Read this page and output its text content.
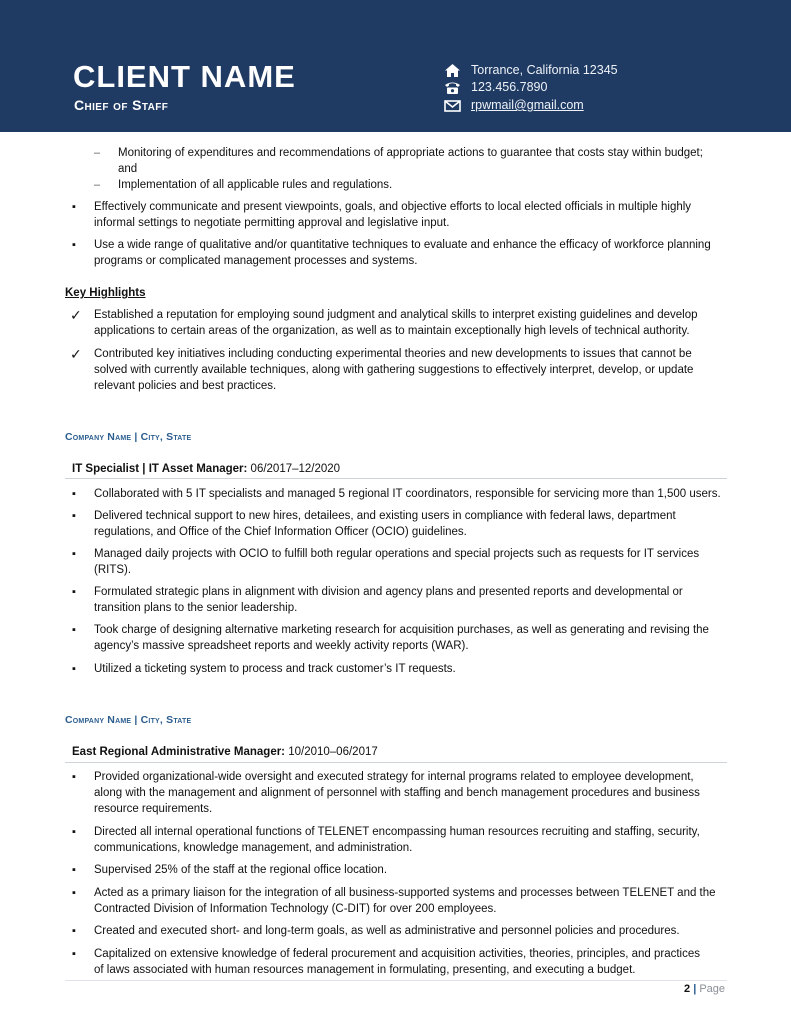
CLIENT NAME
Chief of Staff
Torrance, California 12345
123.456.7890
rpwmail@gmail.com
– Monitoring of expenditures and recommendations of appropriate actions to guarantee that costs stay within budget;
and
– Implementation of all applicable rules and regulations.
▪ Effectively communicate and present viewpoints, goals, and objective efforts to local elected officials in multiple highly
informal settings to negotiate permitting approval and legislative input.
▪ Use a wide range of qualitative and/or quantitative techniques to evaluate and enhance the efficacy of workforce planning
programs or complicated management processes and systems.
Key Highlights
✓ Established a reputation for employing sound judgment and analytical skills to interpret existing guidelines and develop
applications to certain areas of the organization, as well as to maintain exceptionally high levels of technical authority.
✓ Contributed key initiatives including conducting experimental theories and new developments to issues that cannot be
solved with currently available techniques, along with gathering suggestions to effectively interpret, develop, or update
relevant policies and best practices.
Company Name | City, State
IT Specialist | IT Asset Manager: 06/2017–12/2020
▪ Collaborated with 5 IT specialists and managed 5 regional IT coordinators, responsible for servicing more than 1,500 users.
▪ Delivered technical support to new hires, detailees, and existing users in compliance with federal laws, department
regulations, and Office of the Chief Information Officer (OCIO) guidelines.
▪ Managed daily projects with OCIO to fulfill both regular operations and special projects such as requests for IT services
(RITS).
▪ Formulated strategic plans in alignment with division and agency plans and presented reports and developmental or
transition plans to the senior leadership.
▪ Took charge of designing alternative marketing research for acquisition purchases, as well as generating and revising the
agency’s massive spreadsheet reports and weekly activity reports (WAR).
▪ Utilized a ticketing system to process and track customer’s IT requests.
Company Name | City, State
East Regional Administrative Manager: 10/2010–06/2017
▪ Provided organizational-wide oversight and executed strategy for internal programs related to employee development,
along with the management and alignment of personnel with staffing and bench management procedures and business
resource requirements.
▪ Directed all internal operational functions of TELENET encompassing human resources recruiting and staffing, security,
communications, knowledge management, and administration.
▪ Supervised 25% of the staff at the regional office location.
▪ Acted as a primary liaison for the integration of all business-supported systems and processes between TELENET and the
Contracted Division of Information Technology (C-DIT) for over 200 employees.
▪ Created and executed short- and long-term goals, as well as administrative and personnel policies and procedures.
▪ Capitalized on extensive knowledge of federal procurement and acquisition activities, theories, principles, and practices
of laws associated with human resources management in formulating, presenting, and executing a budget.
2 | Page
